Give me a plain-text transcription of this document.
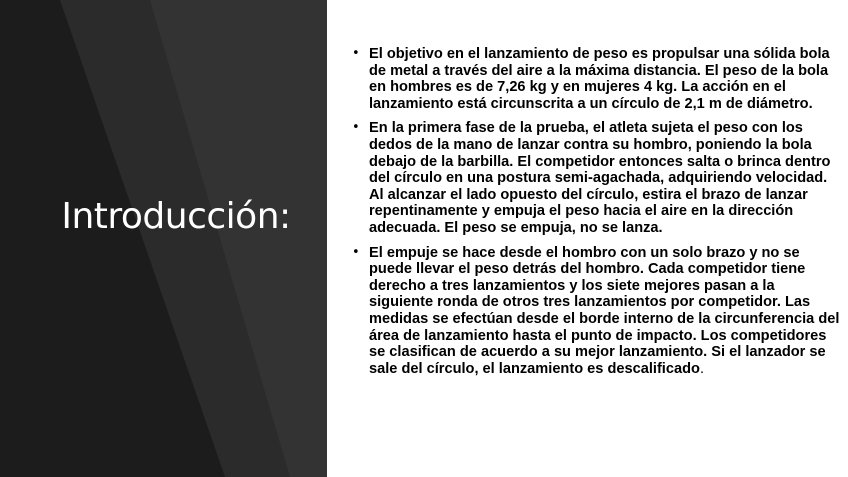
Introducción:
• El objetivo en el lanzamiento de peso es propulsar una sólida bola de metal a través del aire a la máxima distancia. El peso de la bola en hombres es de 7,26 kg y en mujeres 4 kg. La acción en el lanzamiento está circunscrita a un círculo de 2,1 m de diámetro.
• En la primera fase de la prueba, el atleta sujeta el peso con los dedos de la mano de lanzar contra su hombro, poniendo la bola debajo de la barbilla. El competidor entonces salta o brinca dentro del círculo en una postura semi-agachada, adquiriendo velocidad. Al alcanzar el lado opuesto del círculo, estira el brazo de lanzar repentinamente y empuja el peso hacia el aire en la dirección adecuada. El peso se empuja, no se lanza.
• El empuje se hace desde el hombro con un solo brazo y no se puede llevar el peso detrás del hombro. Cada competidor tiene derecho a tres lanzamientos y los siete mejores pasan a la siguiente ronda de otros tres lanzamientos por competidor. Las medidas se efectúan desde el borde interno de la circunferencia del área de lanzamiento hasta el punto de impacto. Los competidores se clasifican de acuerdo a su mejor lanzamiento. Si el lanzador se sale del círculo, el lanzamiento es descalificado.
